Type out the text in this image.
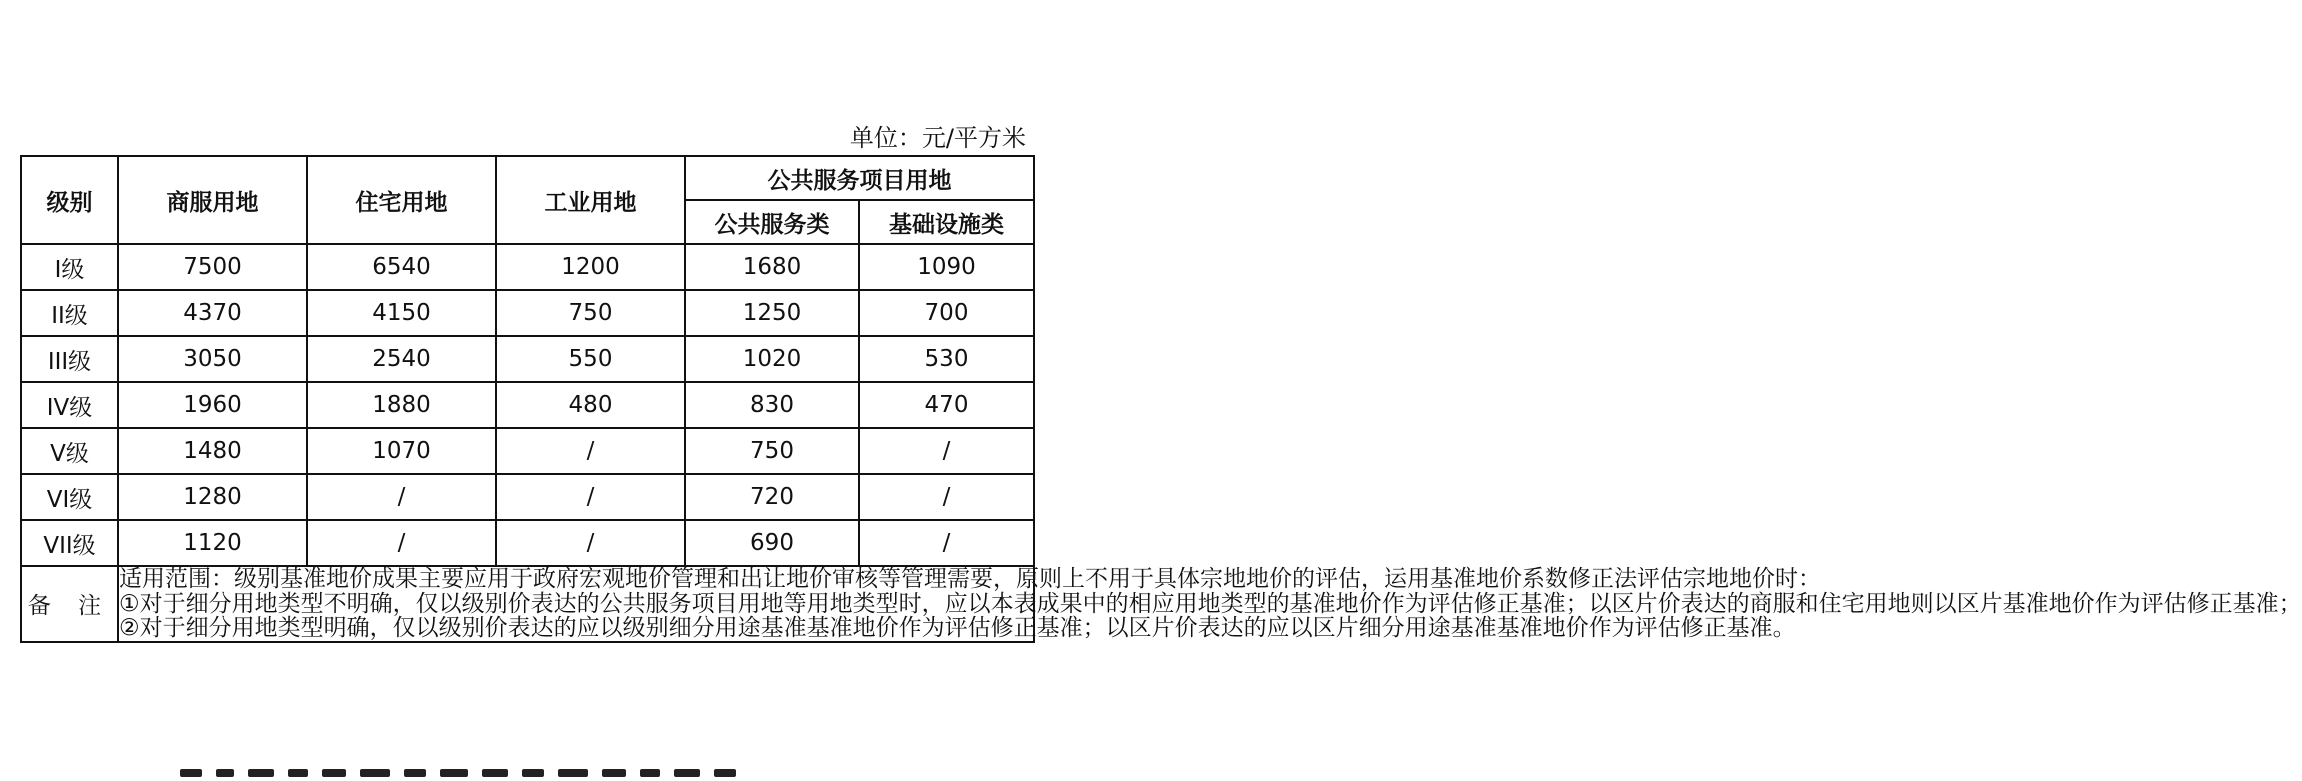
单位：元/平方米
级别	商服用地	住宅用地	工业用地	公共服务项目用地	
				公共服务类	基础设施类
I级	7500	6540	1200	1680	1090
II级	4370	4150	750	1250	700
III级	3050	2540	550	1020	530
IV级	1960	1880	480	830	470
V级	1480	1070	/	750	/
VI级	1280	/	/	720	/
VII级	1120	/	/	690	/
备 注	适用范围：级别基准地价成果主要应用于政府宏观地价管理和出让地价审核等管理需要，原则上不用于具体宗地地价的评估，运用基准地价系数修正法评估宗地地价时：
①对于细分用地类型不明确，仅以级别价表达的公共服务项目用地等用地类型时，应以本表成果中的相应用地类型的基准地价作为评估修正基准；以区片价表达的商服和住宅用地则以区片基准地价作为评估修正基准；
②对于细分用地类型明确，仅以级别价表达的应以级别细分用途基准基准地价作为评估修正基准；以区片价表达的应以区片细分用途基准基准地价作为评估修正基准。				
